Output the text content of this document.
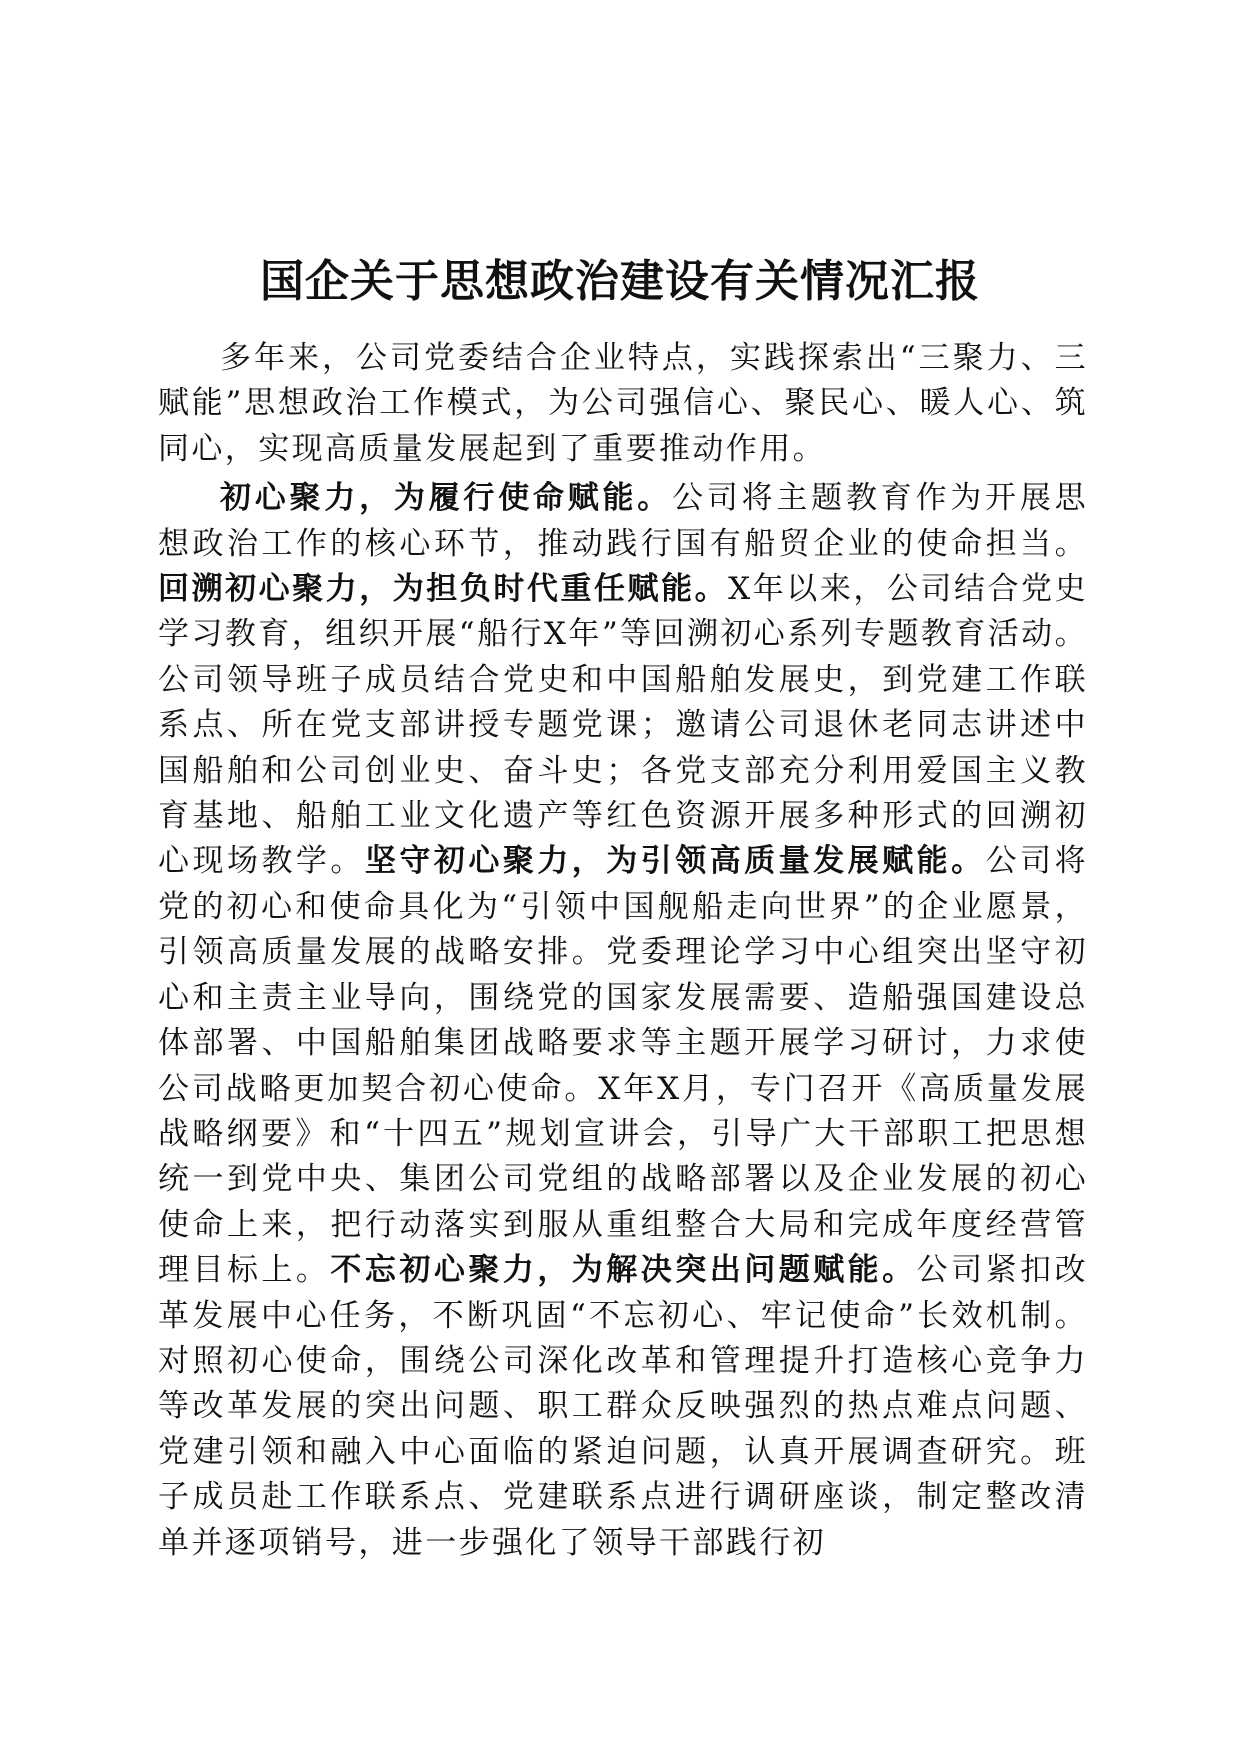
国企关于思想政治建设有关情况汇报

多年来，公司党委结合企业特点，实践探索出“三聚力、三赋能”思想政治工作模式，为公司强信心、聚民心、暖人心、筑同心，实现高质量发展起到了重要推动作用。

初心聚力，为履行使命赋能。公司将主题教育作为开展思想政治工作的核心环节，推动践行国有船贸企业的使命担当。回溯初心聚力，为担负时代重任赋能。X年以来，公司结合党史学习教育，组织开展“船行X年”等回溯初心系列专题教育活动。公司领导班子成员结合党史和中国船舶发展史，到党建工作联系点、所在党支部讲授专题党课；邀请公司退休老同志讲述中国船舶和公司创业史、奋斗史；各党支部充分利用爱国主义教育基地、船舶工业文化遗产等红色资源开展多种形式的回溯初心现场教学。坚守初心聚力，为引领高质量发展赋能。公司将党的初心和使命具化为“引领中国舰船走向世界”的企业愿景，引领高质量发展的战略安排。党委理论学习中心组突出坚守初心和主责主业导向，围绕党的国家发展需要、造船强国建设总体部署、中国船舶集团战略要求等主题开展学习研讨，力求使公司战略更加契合初心使命。X年X月，专门召开《高质量发展战略纲要》和“十四五”规划宣讲会，引导广大干部职工把思想统一到党中央、集团公司党组的战略部署以及企业发展的初心使命上来，把行动落实到服从重组整合大局和完成年度经营管理目标上。不忘初心聚力，为解决突出问题赋能。公司紧扣改革发展中心任务，不断巩固“不忘初心、牢记使命”长效机制。对照初心使命，围绕公司深化改革和管理提升打造核心竞争力等改革发展的突出问题、职工群众反映强烈的热点难点问题、党建引领和融入中心面临的紧迫问题，认真开展调查研究。班子成员赴工作联系点、党建联系点进行调研座谈，制定整改清单并逐项销号，进一步强化了领导干部践行初
